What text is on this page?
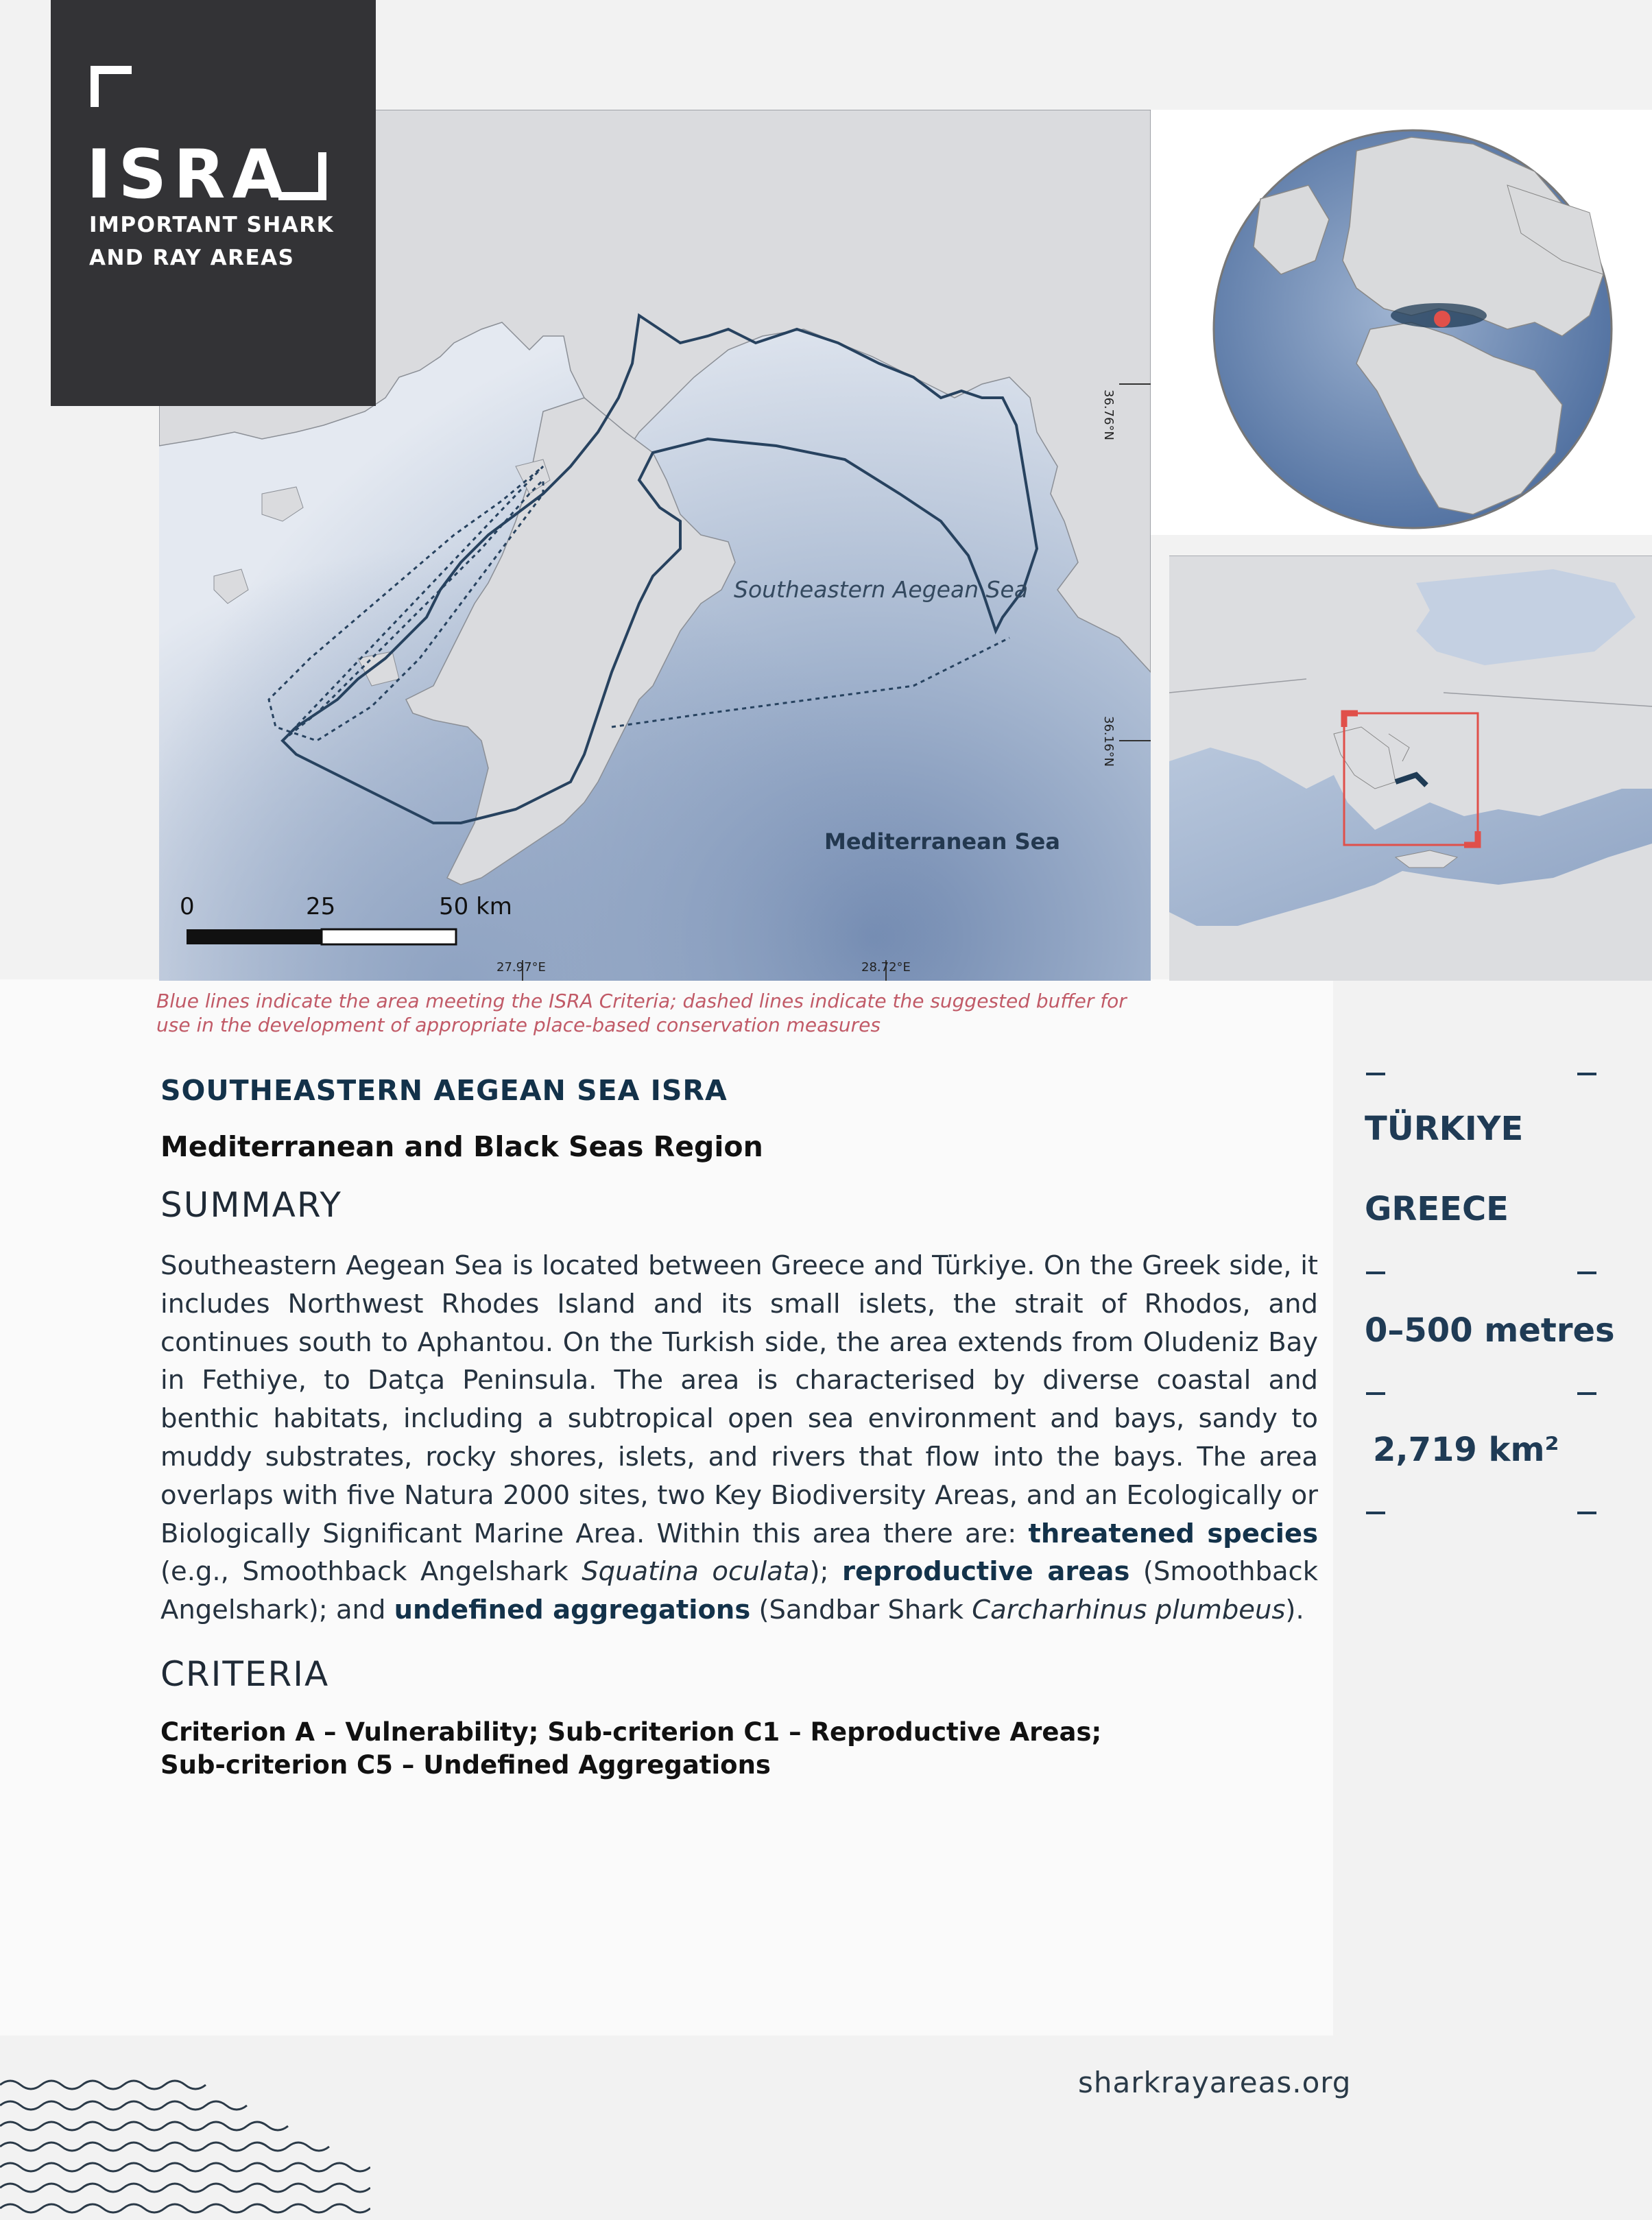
Southeastern Aegean Sea
Mediterranean Sea
36.76°N
36.16°N
27.97°E	28.72°E
0	25	50 km
ISRA
IMPORTANT SHARK
AND RAY AREAS
Blue lines indicate the area meeting the ISRA Criteria; dashed lines indicate the suggested buffer for
use in the development of appropriate place-based conservation measures
SOUTHEASTERN AEGEAN SEA ISRA
Mediterranean and Black Seas Region
SUMMARY
Southeastern Aegean Sea is located between Greece and Türkiye. On the Greek side, it includes Northwest Rhodes Island and its small islets, the strait of Rhodos, and continues south to Aphantou. On the Turkish side, the area extends from Oludeniz Bay in Fethiye, to Datça Peninsula. The area is characterised by diverse coastal and benthic habitats, including a subtropical open sea environment and bays, sandy to muddy substrates, rocky shores, islets, and rivers that flow into the bays. The area overlaps with five Natura 2000 sites, two Key Biodiversity Areas, and an Ecologically or Biologically Significant Marine Area. Within this area there are: threatened species (e.g., Smoothback Angelshark Squatina oculata); reproductive areas (Smoothback Angelshark); and undefined aggregations (Sandbar Shark Carcharhinus plumbeus).
CRITERIA
Criterion A – Vulnerability; Sub-criterion C1 – Reproductive Areas;
Sub-criterion C5 – Undefined Aggregations
TÜRKIYE
GREECE
0–500 metres
2,719 km²
sharkrayareas.org
